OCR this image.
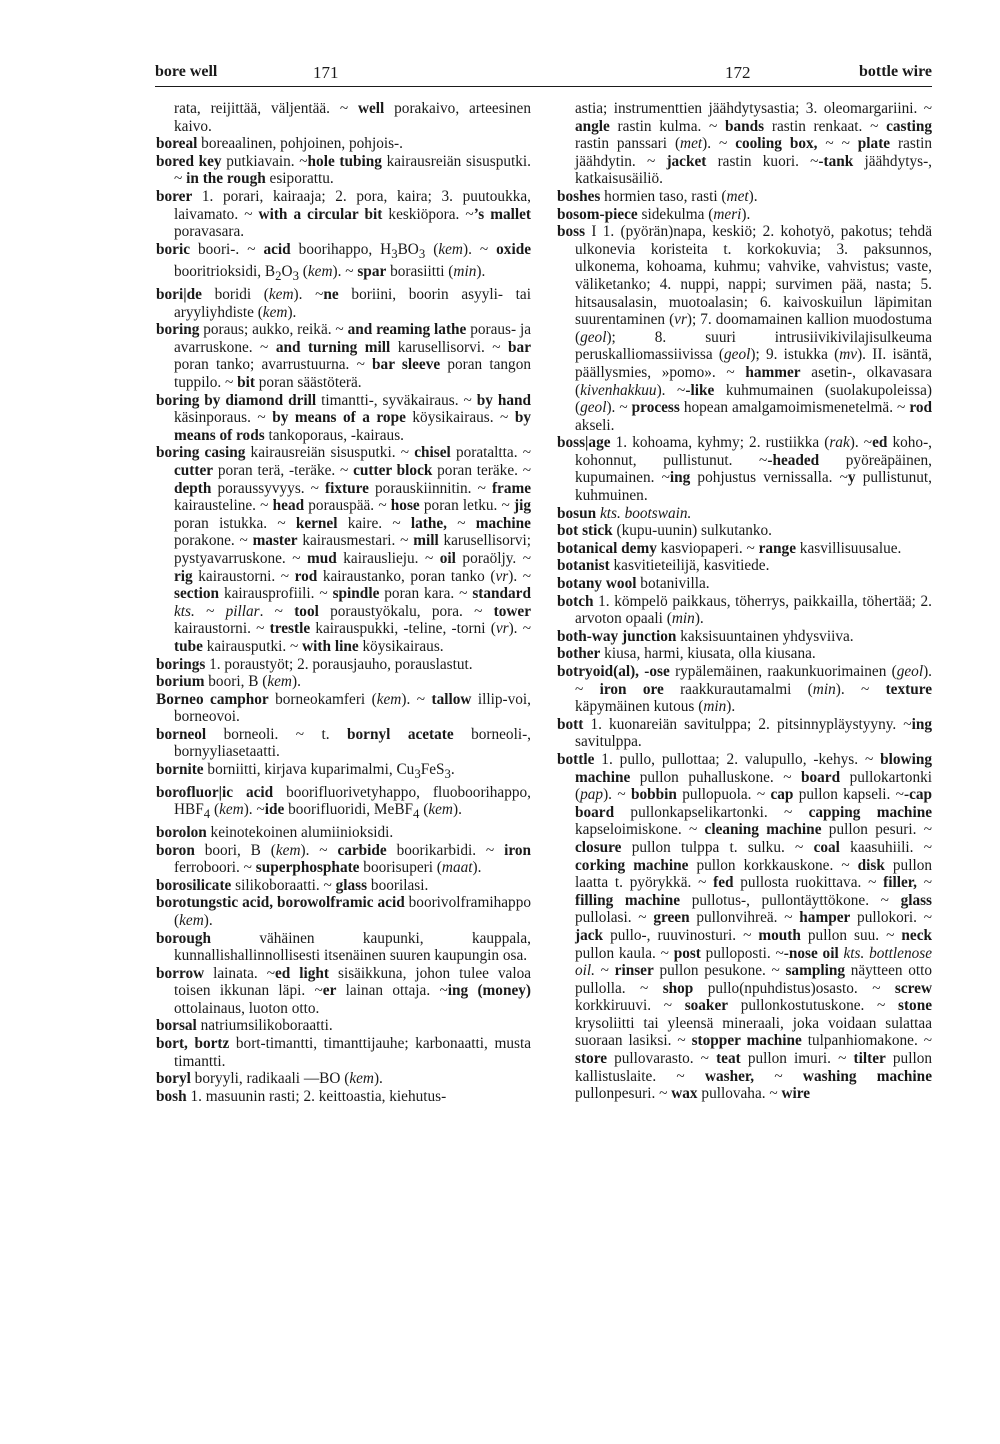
bore well	171	172	bottle wire

rata, reijittää, väljentää. ~ well porakaivo, arteesinen kaivo.

boreal boreaalinen, pohjoinen, pohjois-.

bored key putkiavain. ~hole tubing kairausreiän sisusputki. ~ in the rough esiporattu.

borer 1. porari, kairaaja; 2. pora, kaira; 3. puutoukka, laivamato. ~ with a circular bit keskiöpora. ~’s mallet poravasara.

boric boori-. ~ acid boorihappo, $H_3BO_3$ (kem). ~ oxide booritrioksidi, $B_2O_3$ (kem). ~ spar borasiitti (min).

bori|de boridi (kem). ~ne boriini, boorin asyyli- tai aryyliyhdiste (kem).

boring poraus; aukko, reikä. ~ and reaming lathe poraus- ja avarruskone. ~ and turning mill karusellisorvi. ~ bar poran tanko; avarrustuurna. ~ bar sleeve poran tangon tuppilo. ~ bit poran säästöterä.

boring by diamond drill timantti-, syväkairaus. ~ by hand käsinporaus. ~ by means of a rope köysikairaus. ~ by means of rods tankoporaus, -kairaus.

boring casing kairausreiän sisusputki. ~ chisel porataltta. ~ cutter poran terä, -teräke. ~ cutter block poran teräke. ~ depth poraussyvyys. ~ fixture porauskiinnitin. ~ frame kairausteline. ~ head porauspää. ~ hose poran letku. ~ jig poran istukka. ~ kernel kaire. ~ lathe, ~ machine porakone. ~ master kairausmestari. ~ mill karusellisorvi; pystyavarruskone. ~ mud kairauslieju. ~ oil poraöljy. ~ rig kairaustorni. ~ rod kairaustanko, poran tanko (vr). ~ section kairausprofiili. ~ spindle poran kara. ~ standard kts. ~ pillar. ~ tool poraustyökalu, pora. ~ tower kairaustorni. ~ trestle kairauspukki, -teline, -torni (vr). ~ tube kairausputki. ~ with line köysikairaus.

borings 1. poraustyöt; 2. porausjauho, porauslastut.

borium boori, B (kem).

Borneo camphor borneokamferi (kem). ~ tallow illip-voi, borneovoi.

borneol borneoli. ~ t. bornyl acetate borneoli-, bornyyliasetaatti.

bornite borniitti, kirjava kuparimalmi, $Cu_3FeS_3$.

borofluor|ic acid boorifluorivetyhappo, fluoboorihappo, $HBF_4$ (kem). ~ide boorifluoridi, MeBF$_4$ (kem).

borolon keinotekoinen alumiinioksidi.

boron boori, B (kem). ~ carbide boorikarbidi. ~ iron ferroboori. ~ superphosphate boorisuperi (maat).

borosilicate silikoboraatti. ~ glass boorilasi.

borotungstic acid, borowolframic acid boorivolframihappo (kem).

borough vähäinen kaupunki, kauppala, kunnallishallinnollisesti itsenäinen suuren kaupungin osa.

borrow lainata. ~ed light sisäikkuna, johon tulee valoa toisen ikkunan läpi. ~er lainan ottaja. ~ing (money) ottolainaus, luoton otto.

borsal natriumsilikoboraatti.

bort, bortz bort-timantti, timanttijauhe; karbonaatti, musta timantti.

boryl boryyli, radikaali —BO (kem).

bosh 1. masuunin rasti; 2. keittoastia, kiehutus-

astia; instrumenttien jäähdytysastia; 3. oleomargariini. ~ angle rastin kulma. ~ bands rastin renkaat. ~ casting rastin panssari (met). ~ cooling box, ~ ~ plate rastin jäähdytin. ~ jacket rastin kuori. ~-tank jäähdytys-, katkaisusäiliö.

boshes hormien taso, rasti (met).

bosom-piece sidekulma (meri).

boss I 1. (pyörän)napa, keskiö; 2. kohotyö, pakotus; tehdä ulkonevia koristeita t. korkokuvia; 3. paksunnos, ulkonema, kohoama, kuhmu; vahvike, vahvistus; vaste, väliketanko; 4. nuppi, nappi; survimen pää, nasta; 5. hitsausalasin, muotoalasin; 6. kaivoskuilun läpimitan suurentaminen (vr); 7. doomamainen kallion muodostuma (geol); 8. suuri intrusiivikivilajisulkeuma peruskalliomassiivissa (geol); 9. istukka (mv). II. isäntä, päällysmies, »pomo». ~ hammer asetin-, olkavasara (kivenhakkuu). ~-like kuhmumainen (suolakupoleissa) (geol). ~ process hopean amalgamoimismenetelmä. ~ rod akseli.

boss|age 1. kohoama, kyhmy; 2. rustiikka (rak). ~ed koho-, kohonnut, pullistunut. ~-headed pyöreäpäinen, kupumainen. ~ing pohjustus vernissalla. ~y pullistunut, kuhmuinen.

bosun kts. bootswain.

bot stick (kupu-uunin) sulkutanko.

botanical demy kasviopaperi. ~ range kasvillisuusalue.

botanist kasvitieteilijä, kasvitiede.

botany wool botanivilla.

botch 1. kömpelö paikkaus, töherrys, paikkailla, töhertää; 2. arvoton opaali (min).

both-way junction kaksisuuntainen yhdysviiva.

bother kiusa, harmi, kiusata, olla kiusana.

botryoid(al), -ose rypälemäinen, raakunkuorimainen (geol). ~ iron ore raakkurautamalmi (min). ~ texture käpymäinen kutous (min).

bott 1. kuonareiän savitulppa; 2. pitsinnypläystyyny. ~ing savitulppa.

bottle 1. pullo, pullottaa; 2. valupullo, -kehys. ~ blowing machine pullon puhalluskone. ~ board pullokartonki (pap). ~ bobbin pullopuola. ~ cap pullon kapseli. ~-cap board pullonkapselikartonki. ~ capping machine kapseloimiskone. ~ cleaning machine pullon pesuri. ~ closure pullon tulppa t. sulku. ~ coal kaasuhiili. ~ corking machine pullon korkkauskone. ~ disk pullon laatta t. pyörykkä. ~ fed pullosta ruokittava. ~ filler, ~ filling machine pullotus-, pullontäyttökone. ~ glass pullolasi. ~ green pullonvihreä. ~ hamper pullokori. ~ jack pullo-, ruuvinosturi. ~ mouth pullon suu. ~ neck pullon kaula. ~ post pulloposti. ~-nose oil kts. bottlenose oil. ~ rinser pullon pesukone. ~ sampling näytteen otto pullolla. ~ shop pullo(npuhdistus)osasto. ~ screw korkkiruuvi. ~ soaker pullonkostutuskone. ~ stone krysoliitti tai yleensä mineraali, joka voidaan sulattaa suoraan lasiksi. ~ stopper machine tulpanhiomakone. ~ store pullovarasto. ~ teat pullon imuri. ~ tilter pullon kallistuslaite. ~ washer, ~ washing machine pullonpesuri. ~ wax pullovaha. ~ wire
